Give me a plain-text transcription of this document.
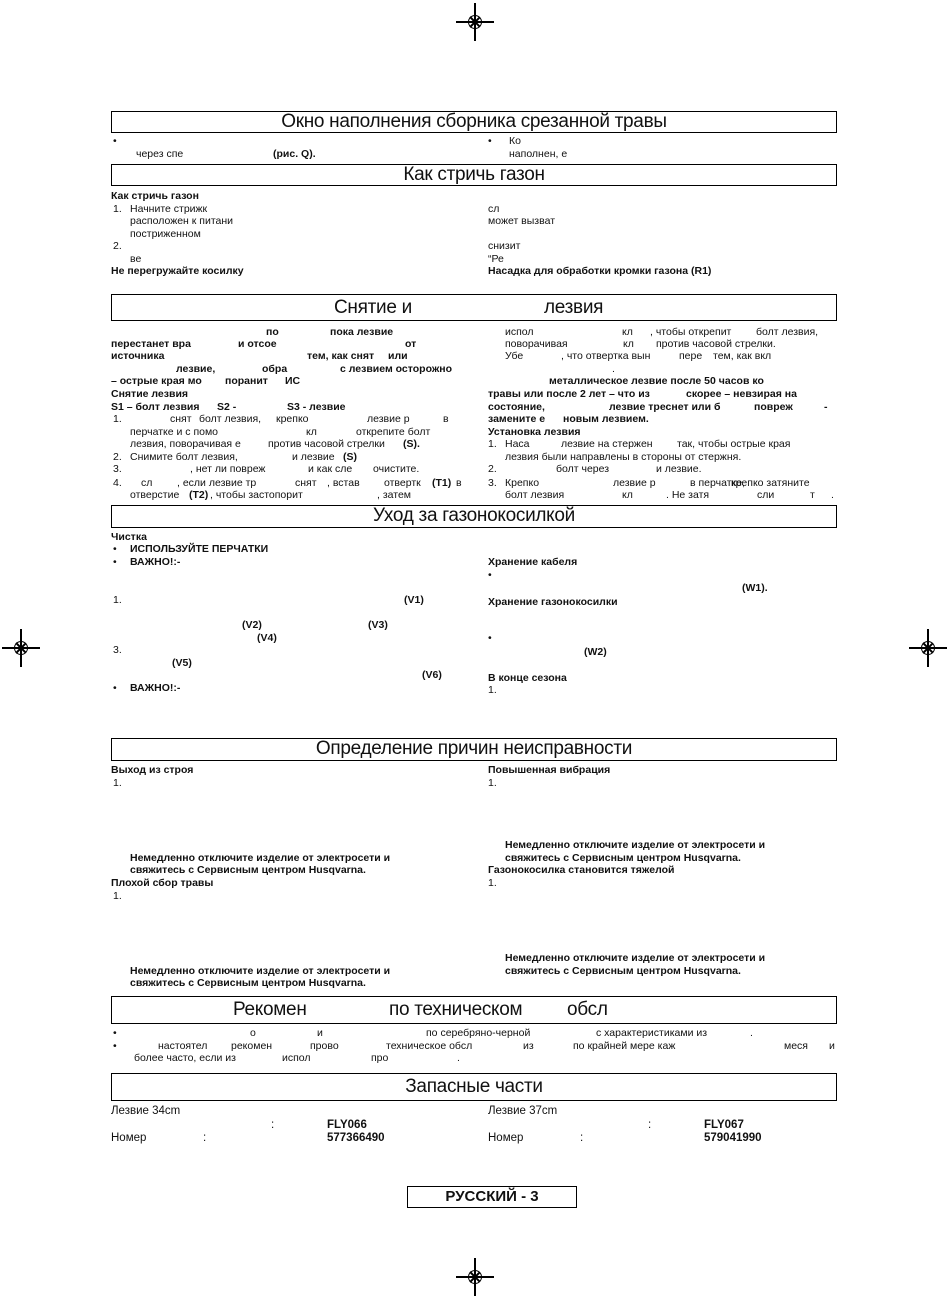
Окно наполнения сборника срезанной травы
•
через спе	(рис. Q).
• Ко
наполнен, е
Как стричь газон
Как стричь газон
1. Начните стрижк
расположен к питани
постриженном
2.
ве
Не перегружайте косилку
сл
может вызват
снизит
“Ре
Насадка для обработки кромки газона (R1)
Снятие и	лезвия
по	пока лезвие
перестанет вра	и отсое	от
источника	тем, как снят или
лезвие,	обра	с лезвием осторожно
– острые края мо поранит ИС
Снятие лезвия
S1 – болт лезвия S2 -	S3 - лезвие
1.	снят болт лезвия, крепко	лезвие р	в
перчатке и с помо	кл	открепите болт
лезвия, поворачивая е	против часовой стрелки (S).
2. Снимите болт лезвия,	и лезвие (S)
3.	, нет ли повреж	и как сле очистите.
4. сл , если лезвие тр	снят , встав отвертк (T1) в
отверстие (T2) , чтобы застопорит	, затем
испол	кл , чтобы открепит болт лезвия,
поворачивая	кл против часовой стрелки.
Убе	, что отвертка вын	пере тем, как вкл
.
металлическое лезвие после 50 часов ко
травы или после 2 лет – что из	скорее – невзирая на
состояние,	лезвие треснет или б	повреж	-
замените е новым лезвием.
Установка лезвия
1. Наса	лезвие на стержен так, чтобы острые края
лезвия были направлены в стороны от стержня.
2.	болт через	и лезвие.
3. Крепко	лезвие р	в перчатке,
крепко затяните
болт лезвия	кл	. Не затя	сли	т .
Уход за газонокосилкой
Чистка
• ИСПОЛЬЗУЙТЕ ПЕРЧАТКИ
• ВАЖНО!:-
1.	(V1)
(V2)	(V3)
(V4)
3.
(V5)
(V6)
• ВАЖНО!:-
Хранение кабеля
•
(W1).
Хранение газонокосилки
•
(W2)
В конце сезона
1.
Определение причин неисправности
Выход из строя
1.
Немедленно отключите изделие от электросети и
свяжитесь с Сервисным центром Husqvarna.
Плохой сбор травы
1.
Немедленно отключите изделие от электросети и
свяжитесь с Сервисным центром Husqvarna.
Повышенная вибрация
1.
Немедленно отключите изделие от электросети и
свяжитесь с Сервисным центром Husqvarna.
Газонокосилка становится тяжелой
1.
Немедленно отключите изделие от электросети и
свяжитесь с Сервисным центром Husqvarna.
Рекомен	по техническом обсл
•	о	и	по серебряно-черной	с характеристиками из	.
•	настоятел рекомен	прово	техническое обсл	из	по крайней мере каж	меся и
более часто, если из	испол	про	.
Запасные части
Лезвие 34cm
:	FLY066
Номер	:	577366490
Лезвие 37cm
:	FLY067
Номер	:	579041990
РУССКИЙ - 3
